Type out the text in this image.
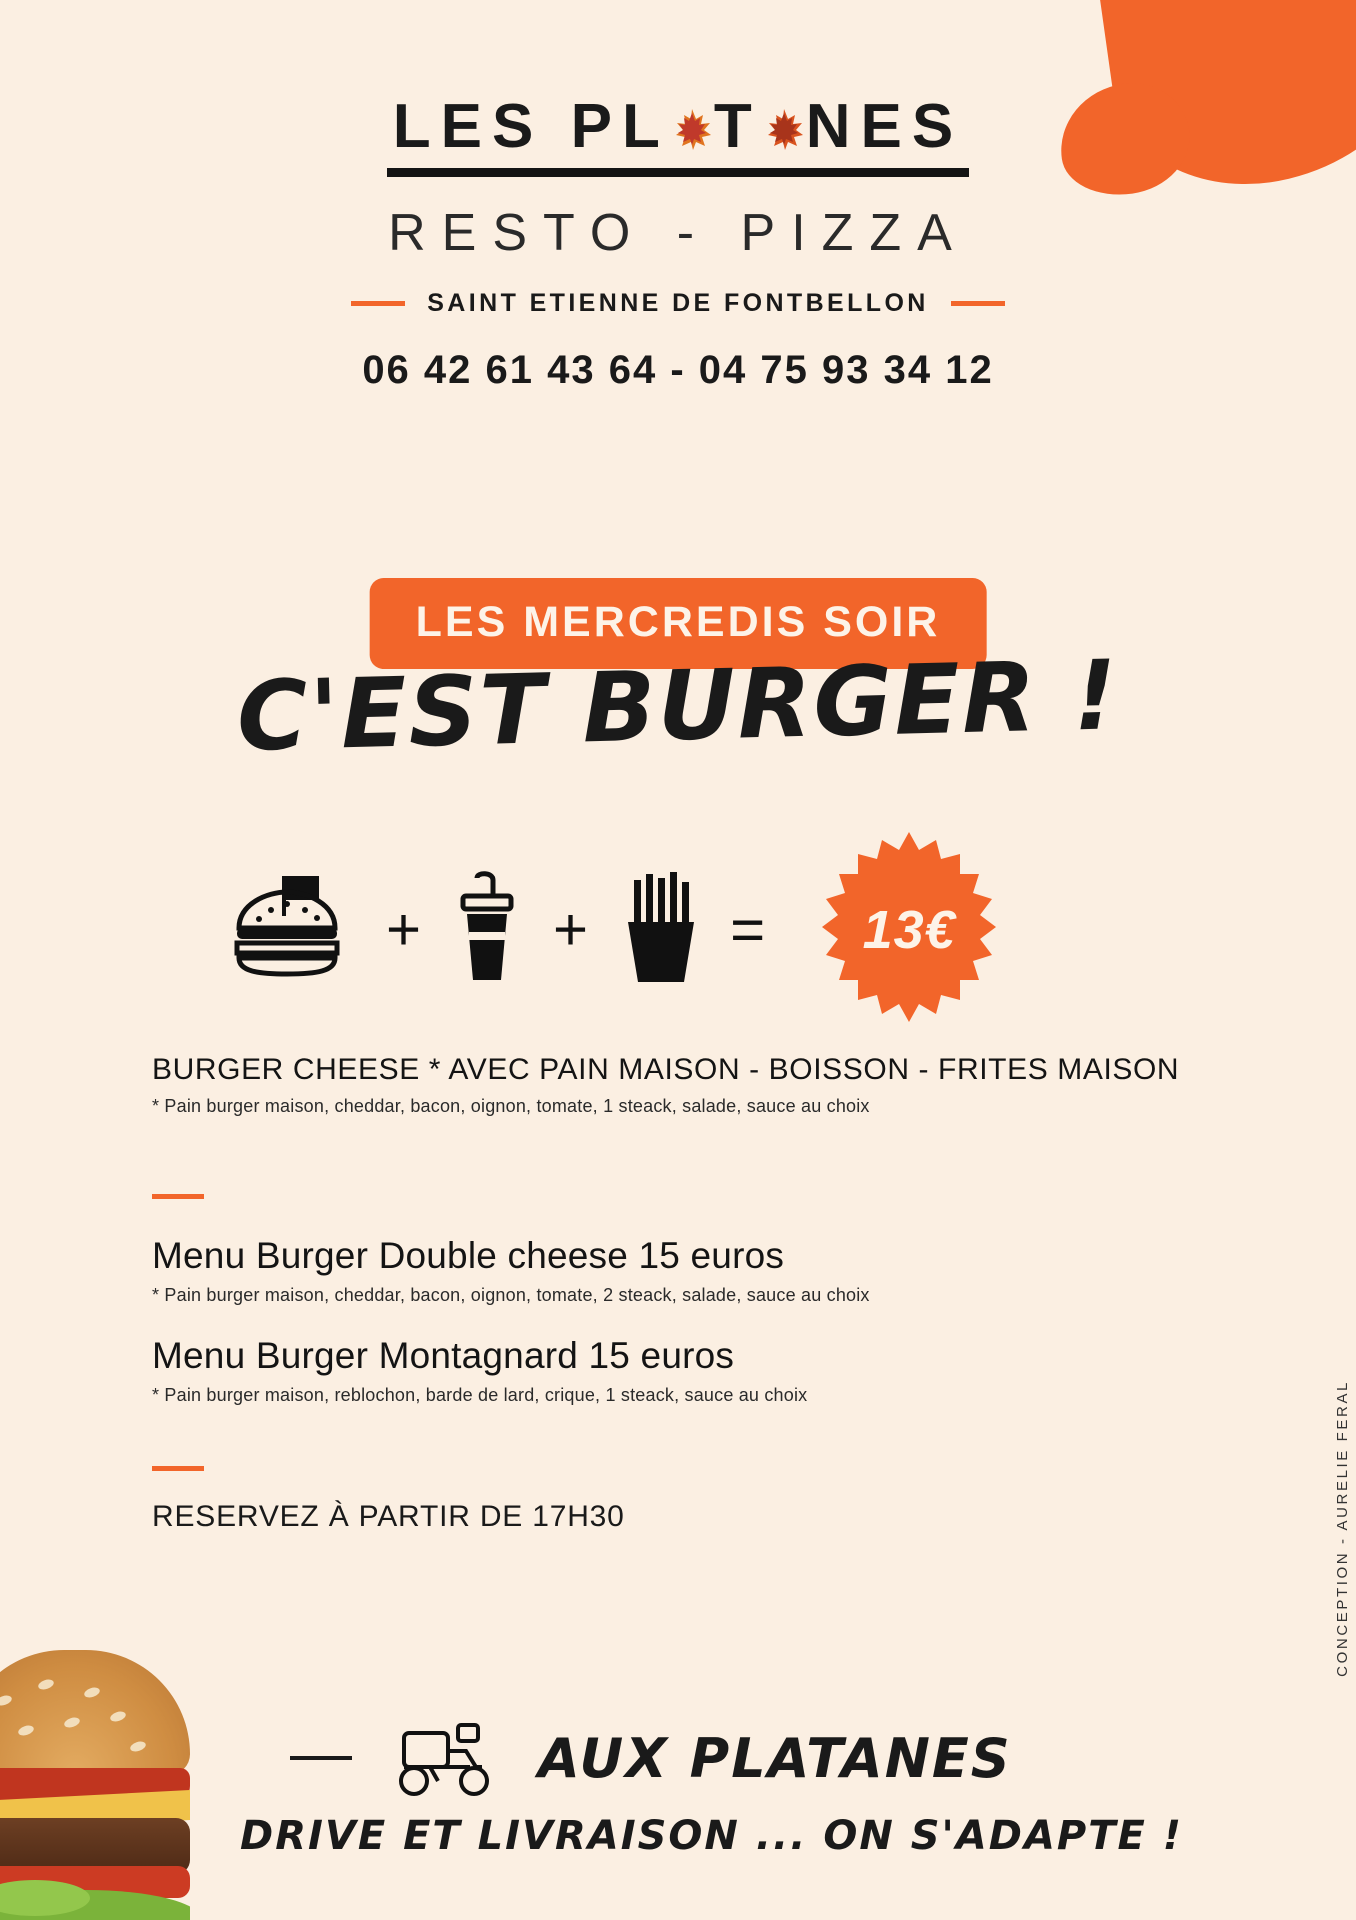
LES PL T NES
RESTO - PIZZA
SAINT ETIENNE DE FONTBELLON
06 42 61 43 64 - 04 75 93 34 12
LES MERCREDIS SOIR
C'EST BURGER !
+ + =	13€
BURGER CHEESE * AVEC PAIN MAISON - BOISSON - FRITES MAISON
* Pain burger maison, cheddar, bacon, oignon, tomate, 1 steack, salade, sauce au choix
Menu Burger Double cheese 15 euros
* Pain burger maison, cheddar, bacon, oignon, tomate, 2 steack, salade, sauce au choix
Menu Burger Montagnard 15 euros
* Pain burger maison, reblochon, barde de lard, crique, 1 steack, sauce au choix
RESERVEZ À PARTIR DE 17H30	CONCEPTION - AURELIE FERAL
AUX PLATANES
DRIVE ET LIVRAISON ... ON S'ADAPTE !
